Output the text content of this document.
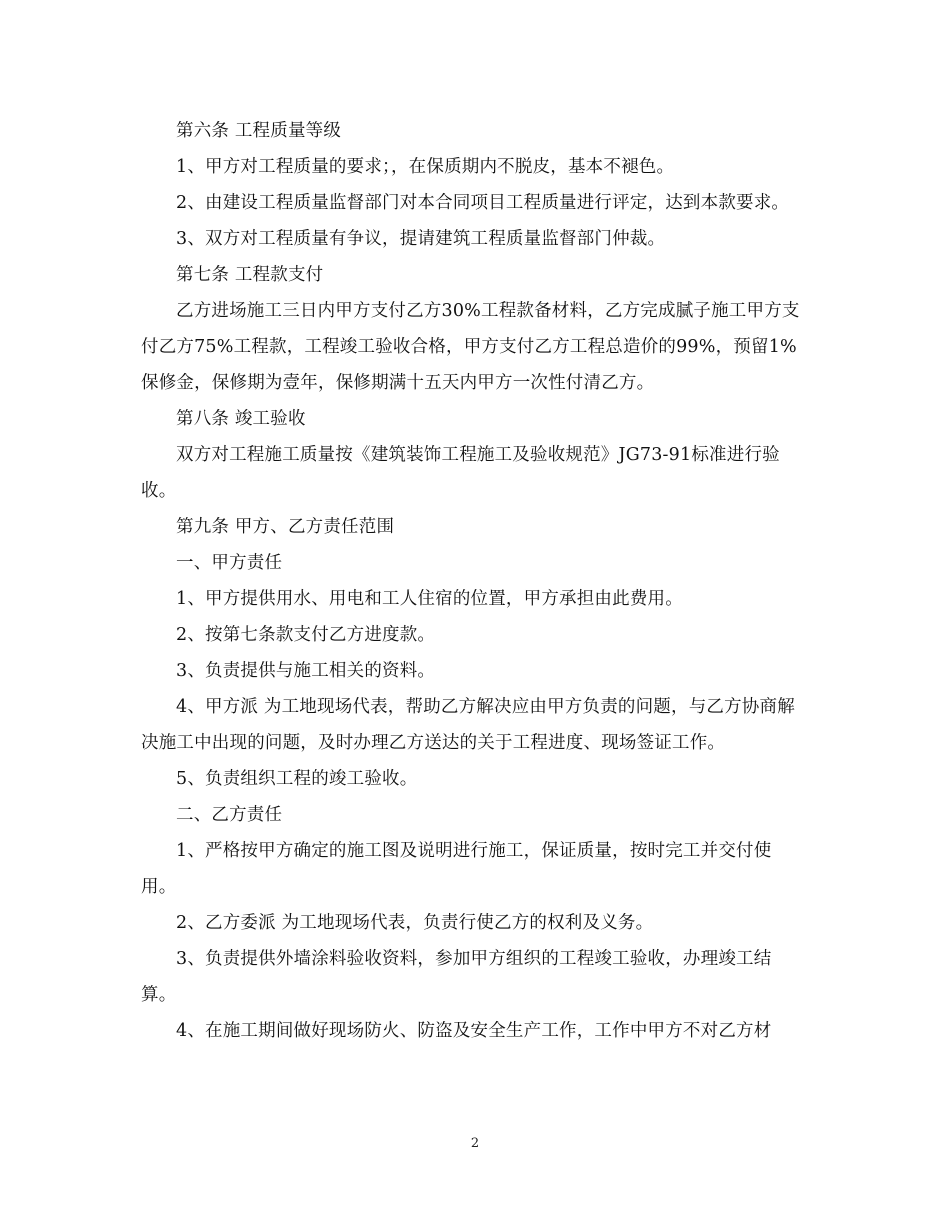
第六条 工程质量等级

1、甲方对工程质量的要求；，在保质期内不脱皮，基本不褪色。

2、由建设工程质量监督部门对本合同项目工程质量进行评定，达到本款要求。

3、双方对工程质量有争议，提请建筑工程质量监督部门仲裁。

第七条 工程款支付

乙方进场施工三日内甲方支付乙方30%工程款备材料，乙方完成腻子施工甲方支付乙方75%工程款，工程竣工验收合格，甲方支付乙方工程总造价的99%，预留1%保修金，保修期为壹年，保修期满十五天内甲方一次性付清乙方。

第八条 竣工验收

双方对工程施工质量按《建筑装饰工程施工及验收规范》JG73-91标准进行验收。

第九条 甲方、乙方责任范围

一、甲方责任

1、甲方提供用水、用电和工人住宿的位置，甲方承担由此费用。

2、按第七条款支付乙方进度款。

3、负责提供与施工相关的资料。

4、甲方派 为工地现场代表，帮助乙方解决应由甲方负责的问题，与乙方协商解决施工中出现的问题，及时办理乙方送达的关于工程进度、现场签证工作。

5、负责组织工程的竣工验收。

二、乙方责任

1、严格按甲方确定的施工图及说明进行施工，保证质量，按时完工并交付使用。

2、乙方委派 为工地现场代表，负责行使乙方的权利及义务。

3、负责提供外墙涂料验收资料，参加甲方组织的工程竣工验收，办理竣工结算。

4、在施工期间做好现场防火、防盗及安全生产工作，工作中甲方不对乙方材

2
